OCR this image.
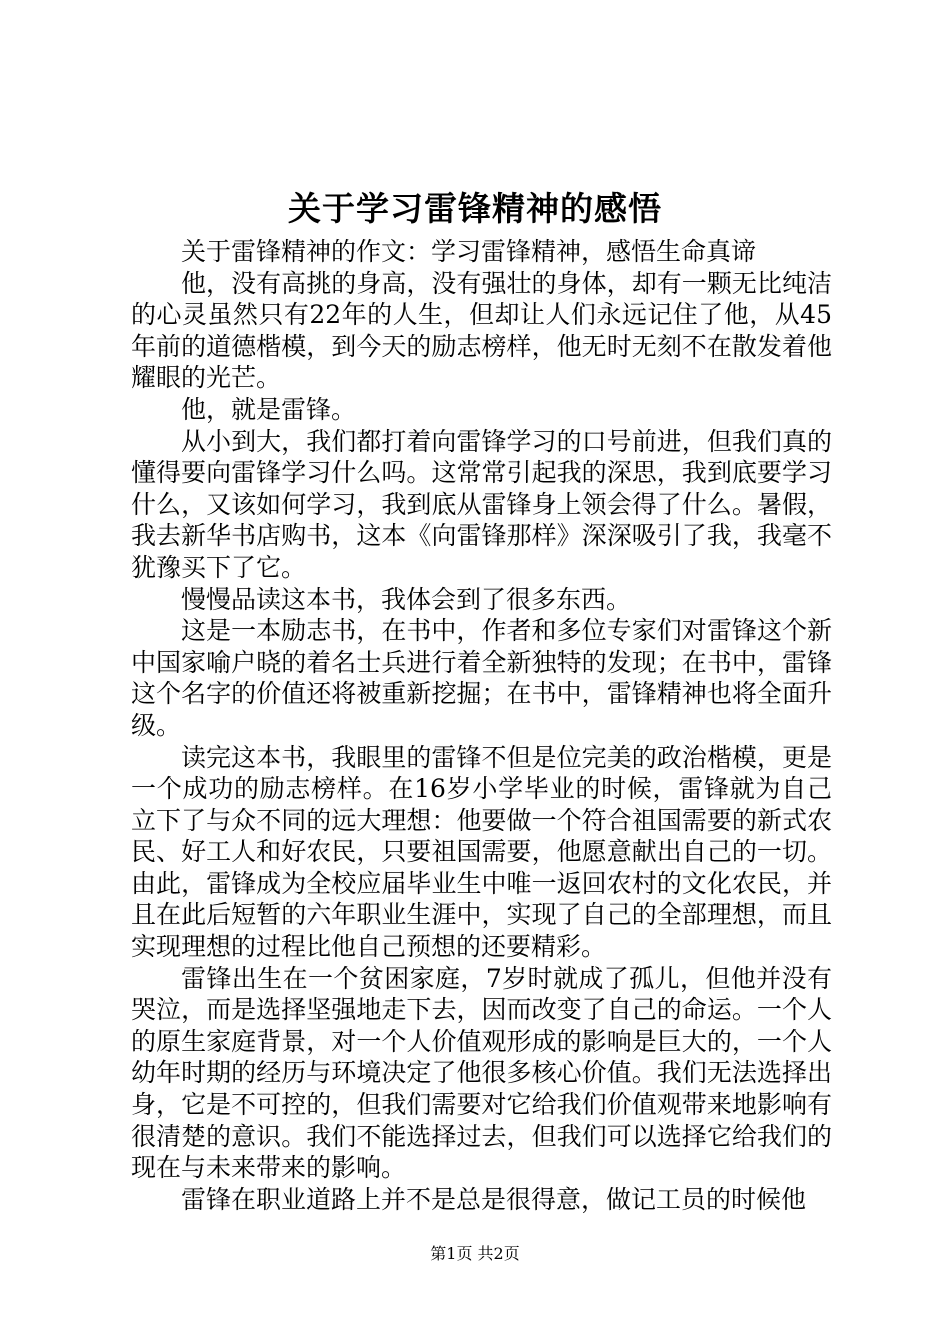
关于学习雷锋精神的感悟

关于雷锋精神的作文：学习雷锋精神，感悟生命真谛

他，没有高挑的身高，没有强壮的身体，却有一颗无比纯洁的心灵虽然只有22年的人生，但却让人们永远记住了他，从45年前的道德楷模，到今天的励志榜样，他无时无刻不在散发着他耀眼的光芒。

他，就是雷锋。

从小到大，我们都打着向雷锋学习的口号前进，但我们真的懂得要向雷锋学习什么吗。这常常引起我的深思，我到底要学习什么，又该如何学习，我到底从雷锋身上领会得了什么。暑假，我去新华书店购书，这本《向雷锋那样》深深吸引了我，我毫不犹豫买下了它。

慢慢品读这本书，我体会到了很多东西。

这是一本励志书，在书中，作者和多位专家们对雷锋这个新中国家喻户晓的着名士兵进行着全新独特的发现；在书中，雷锋这个名字的价值还将被重新挖掘；在书中，雷锋精神也将全面升级。

读完这本书，我眼里的雷锋不但是位完美的政治楷模，更是一个成功的励志榜样。在16岁小学毕业的时候，雷锋就为自己立下了与众不同的远大理想：他要做一个符合祖国需要的新式农民、好工人和好农民，只要祖国需要，他愿意献出自己的一切。由此，雷锋成为全校应届毕业生中唯一返回农村的文化农民，并且在此后短暂的六年职业生涯中，实现了自己的全部理想，而且实现理想的过程比他自己预想的还要精彩。

雷锋出生在一个贫困家庭，7岁时就成了孤儿，但他并没有哭泣，而是选择坚强地走下去，因而改变了自己的命运。一个人的原生家庭背景，对一个人价值观形成的影响是巨大的，一个人幼年时期的经历与环境决定了他很多核心价值。我们无法选择出身，它是不可控的，但我们需要对它给我们价值观带来地影响有很清楚的意识。我们不能选择过去，但我们可以选择它给我们的现在与未来带来的影响。

雷锋在职业道路上并不是总是很得意，做记工员的时候他

第1页 共2页
